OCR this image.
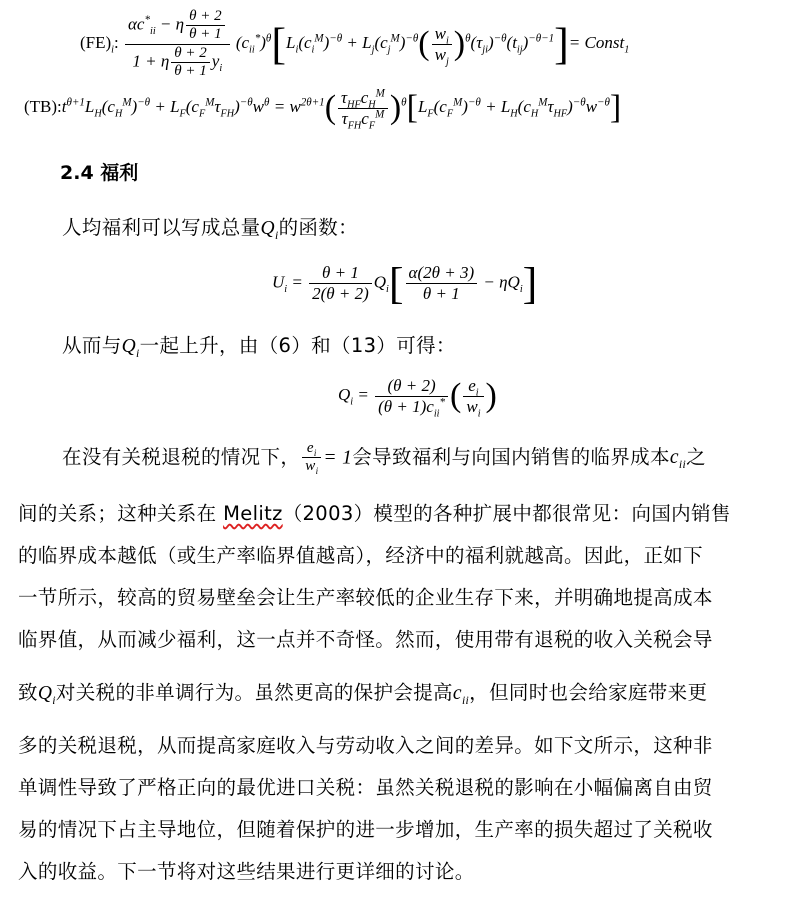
$(FE)_i$: $\frac{\alpha c^*_{ii} - \eta \frac{\theta + 2}{\theta + 1}}{1 + \eta \frac{\theta + 2}{\theta + 1} y_i} (c_{ii}^*)^\theta[L_i(c_i^M)^{-\theta} + L_j(c_j^M)^{-\theta}( \frac{w_i}{w_j} )^\theta(\tau_{ji})^{-\theta}(t_{ij})^{-\theta-1}]=$ Const$_1$
$(TB):t^{\theta+1}L_H(c_H^M)^{-\theta} + L_F(c_F^M\tau_{FH})^{-\theta}w^\theta = w^{2\theta+1}( \frac{\tau_{HF}c_H^M}{\tau_{FH}c_F^M} )^\theta[L_F(c_F^M)^{-\theta} + L_H(c_H^M\tau_{HF})^{-\theta}w^{-\theta}]$
2.4 福利
人均福利可以写成总量$Q_i$的函数：
$U_i = \frac{\theta + 1}{2(\theta + 2)} Q_i[ \frac{\alpha(2\theta + 3)}{\theta + 1} - \eta Q_i]$
从而与$Q_i$一起上升，由（6）和（13）可得：
$Q_i = \frac{(\theta + 2)}{(\theta + 1)c_{ii}^*}$ ( $\frac{e_i}{w_i}$ )
在没有关税退税的情况下， $\frac{e_i}{w_i} = 1$会导致福利与向国内销售的临界成本$c_{ii}$之
间的关系；这种关系在 Melitz（2003）模型的各种扩展中都很常见：向国内销售
的临界成本越低（或生产率临界值越高），经济中的福利就越高。因此，正如下
一节所示，较高的贸易壁垒会让生产率较低的企业生存下来，并明确地提高成本
临界值，从而减少福利，这一点并不奇怪。然而，使用带有退税的收入关税会导
致$Q_i$对关税的非单调行为。虽然更高的保护会提高$c_{ii}$，但同时也会给家庭带来更
多的关税退税，从而提高家庭收入与劳动收入之间的差异。如下文所示，这种非
单调性导致了严格正向的最优进口关税：虽然关税退税的影响在小幅偏离自由贸
易的情况下占主导地位，但随着保护的进一步增加，生产率的损失超过了关税收
入的收益。下一节将对这些结果进行更详细的讨论。
